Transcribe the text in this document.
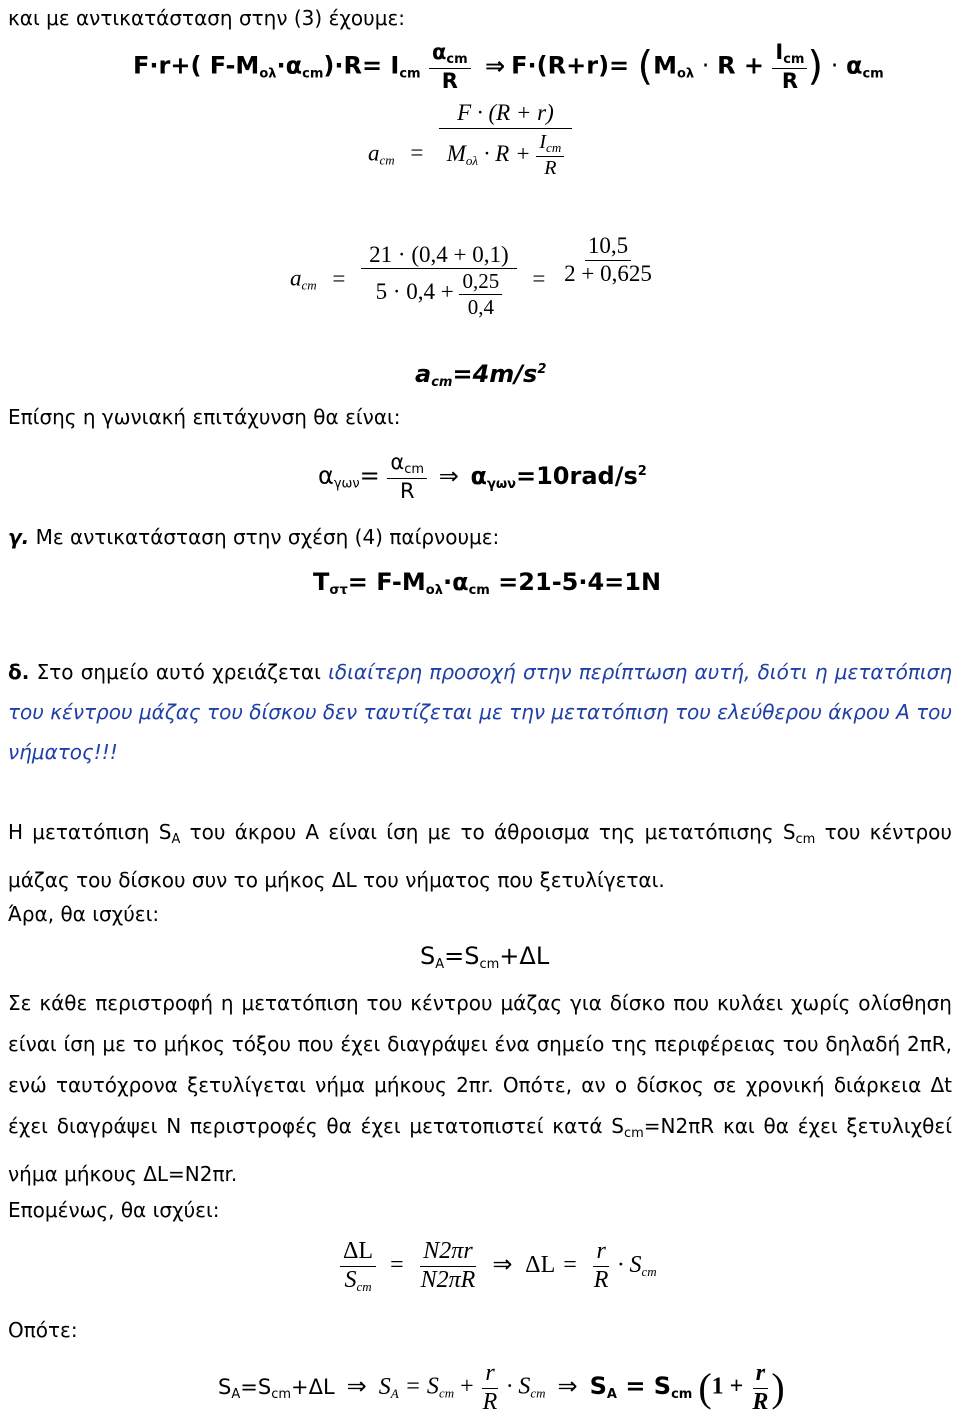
και με αντικατάσταση στην (3) έχουμε:
F·r+( $F-M_{o\lambda}\cdot\alpha_{cm})\cdot R= I_{cm} \frac{\alpha_{cm}}{R}$ ⇒ $F\cdot(R+r)= (M_{o\lambda} \cdot R + \frac{I_{cm}}{R}$ ) · $\alpha_{cm}$
$a_{cm} = \frac{F \cdot (R + r)}{M_{o\lambda} \cdot R + \frac{I_{cm}}{R}}$
$a_{cm} = \frac{21 \cdot (0,4 + 0,1)}{5 \cdot 0,4 + \frac{0,25}{0,4}} = \frac{10,5}{2 + 0,625}$
$a_{cm}=4m/s^2$
Επίσης η γωνιακή επιτάχυνση θα είναι:
$\alpha_{\gamma\omega\nu}= \frac{\alpha_{cm}}{R}$ ⇒ $\alpha_{\gamma\omega\nu}=10rad/s^2$
γ. Με αντικατάσταση στην σχέση (4) παίρνουμε:
$T_{\sigma\tau}= F-M_{o\lambda}\cdot\alpha_{cm} =21-5\cdot 4=1N$
δ. Στο σημείο αυτό χρειάζεται ιδιαίτερη προσοχή στην περίπτωση αυτή, διότι η μετατόπιση του κέντρου μάζας του δίσκου δεν ταυτίζεται με την μετατόπιση του ελεύθερου άκρου Α του νήματος!!!
Η μετατόπιση $S_A$ του άκρου Α είναι ίση με το άθροισμα της μετατόπισης $S_{cm}$ του κέντρου μάζας του δίσκου συν το μήκος ΔL του νήματος που ξετυλίγεται.
Άρα, θα ισχύει:
$S_A=S_{cm}+\Delta L$
Σε κάθε περιστροφή η μετατόπιση του κέντρου μάζας για δίσκο που κυλάει χωρίς ολίσθηση είναι ίση με το μήκος τόξου που έχει διαγράψει ένα σημείο της περιφέρειας του δηλαδή 2πR, ενώ ταυτόχρονα ξετυλίγεται νήμα μήκους 2πr. Οπότε, αν ο δίσκος σε χρονική διάρκεια Δt έχει διαγράψει Ν περιστροφές θα έχει μετατοπιστεί κατά $S_{cm}=N2\pi R$ και θα έχει ξετυλιχθεί νήμα μήκους ΔL=N2πr.
Επομένως, θα ισχύει:
$\frac{\Delta L}{S_{cm}} = \frac{N2\pi r}{N2\pi R}$ ⇒ $\Delta L = \frac{r}{R} \cdot S_{cm}$
Οπότε:
$S_A=S_{cm}+\Delta L$ ⇒ $S_A = S_{cm} + \frac{r}{R} \cdot S_{cm}$ ⇒ $S_A = S_{cm}$ ($1 + \frac{r}{R}$ )
